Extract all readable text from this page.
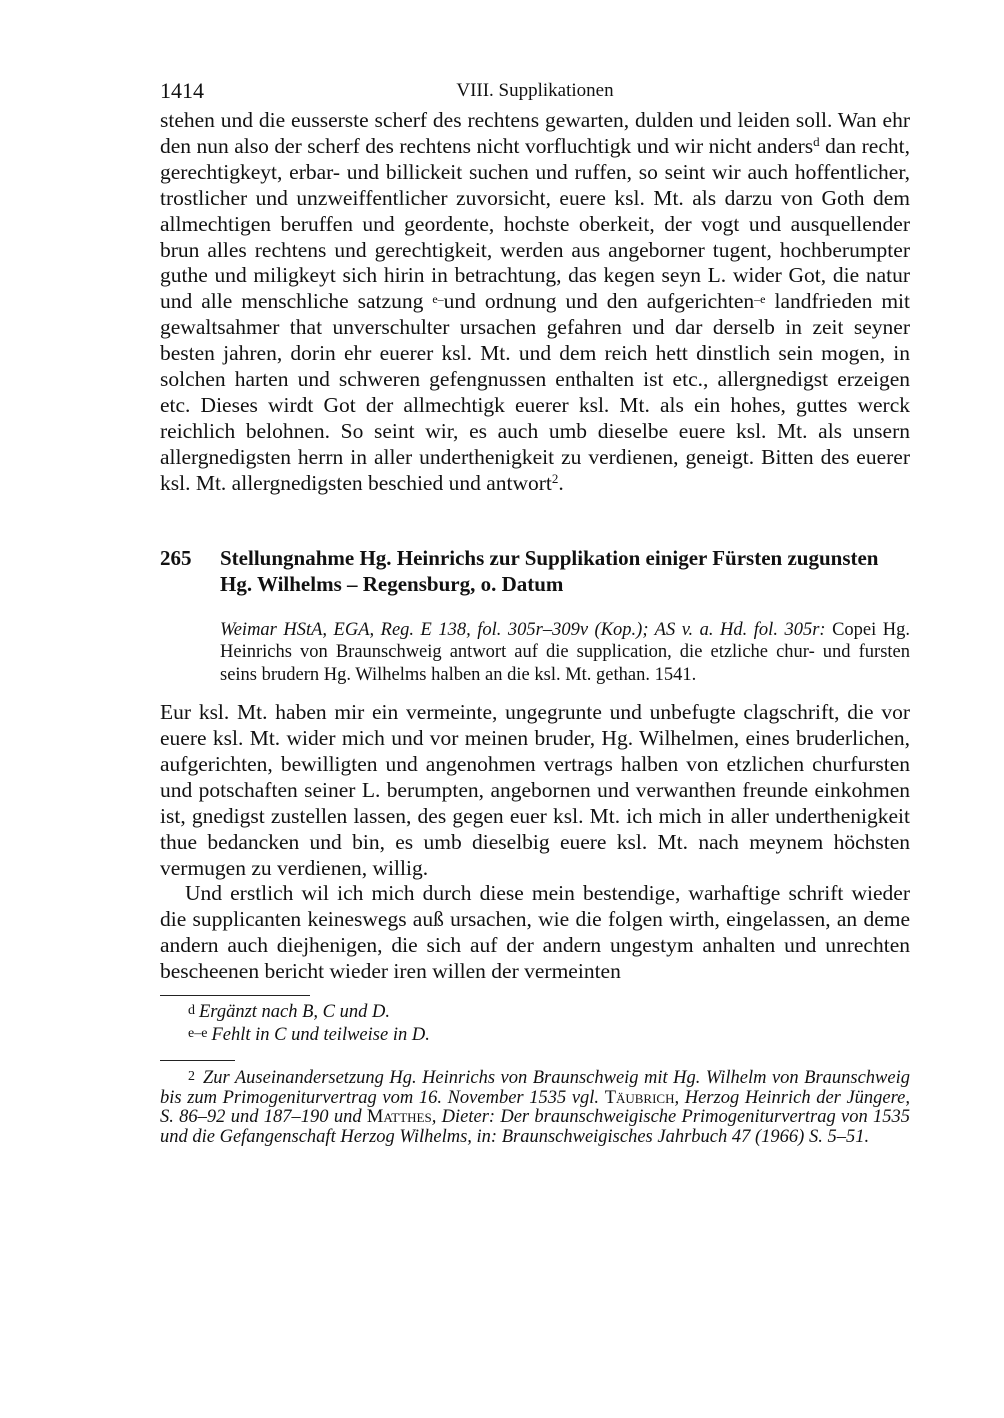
1414	VIII. Supplikationen

stehen und die eusserste scherf des rechtens gewarten, dulden und leiden soll. Wan ehr den nun also der scherf des rechtens nicht vorfluchtigk und wir nicht anders$^d$ dan recht, gerechtigkeyt, erbar- und billickeit suchen und ruffen, so seint wir auch hoffentlicher, trostlicher und unzweiffentlicher zuvorsicht, euere ksl. Mt. als darzu von Goth dem allmechtigen beruffen und geordente, hochste oberkeit, der vogt und ausquellender brun alles rechtens und gerechtigkeit, werden aus angeborner tugent, hochberumpter guthe und miligkeyt sich hirin in betrachtung, das kegen seyn L. wider Got, die natur und alle menschliche satzung $^{e-}$und ordnung und den aufgerichten$^{-e}$ landfrieden mit gewaltsahmer that unverschulter ursachen gefahren und dar derselb in zeit seyner besten jahren, dorin ehr euerer ksl. Mt. und dem reich hett dinstlich sein mogen, in solchen harten und schweren gefengnussen enthalten ist etc., allergnedigst erzeigen etc. Dieses wirdt Got der allmechtigk euerer ksl. Mt. als ein hohes, guttes werck reichlich belohnen. So seint wir, es auch umb dieselbe euere ksl. Mt. als unsern allergnedigsten herrn in aller underthenigkeit zu verdienen, geneigt. Bitten des euerer ksl. Mt. allergnedigsten beschied und antwort$^2$.

265	Stellungnahme Hg. Heinrichs zur Supplikation einiger Fürsten zugunsten Hg. Wilhelms – Regensburg, o. Datum
Weimar HStA, EGA, Reg. E 138, fol. 305r–309v (Kop.); AS v. a. Hd. fol. 305r: Copei Hg. Heinrichs von Braunschweig antwort auf die supplication, die etzliche chur- und fursten seins brudern Hg. Wilhelms halben an die ksl. Mt. gethan. 1541.

Eur ksl. Mt. haben mir ein vermeinte, ungegrunte und unbefugte clagschrift, die vor euere ksl. Mt. wider mich und vor meinen bruder, Hg. Wilhelmen, eines bruderlichen, aufgerichten, bewilligten und angenohmen vertrags halben von etzlichen churfursten und potschaften seiner L. berumpten, angebornen und verwanthen freunde einkohmen ist, gnedigst zustellen lassen, des gegen euer ksl. Mt. ich mich in aller underthenigkeit thue bedancken und bin, es umb dieselbig euere ksl. Mt. nach meynem höchsten vermugen zu verdienen, willig.

Und erstlich wil ich mich durch diese mein bestendige, warhaftige schrift wieder die supplicanten keineswegs auß ursachen, wie die folgen wirth, eingelassen, an deme andern auch diejhenigen, die sich auf der andern ungestym anhalten und unrechten bescheenen bericht wieder iren willen der vermeinten

d Ergänzt nach B, C und D.
e–e Fehlt in C und teilweise in D.
2 Zur Auseinandersetzung Hg. Heinrichs von Braunschweig mit Hg. Wilhelm von Braunschweig bis zum Primogeniturvertrag vom 16. November 1535 vgl. Täubrich, Herzog Heinrich der Jüngere, S. 86–92 und 187–190 und Matthes, Dieter: Der braunschweigische Primogeniturvertrag von 1535 und die Gefangenschaft Herzog Wilhelms, in: Braunschweigisches Jahrbuch 47 (1966) S. 5–51.
